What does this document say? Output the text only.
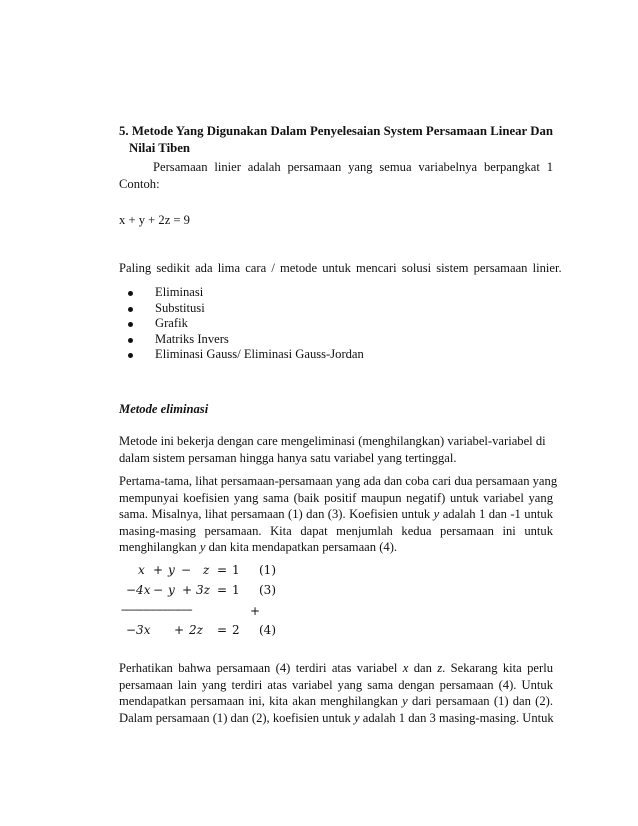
5. Metode Yang Digunakan Dalam Penyelesaian System Persamaan Linear Dan
Nilai Tiben
Persamaan linier adalah persamaan yang semua variabelnya berpangkat 1
Contoh:
x + y + 2z = 9
Paling sedikit ada lima cara / metode untuk mencari solusi sistem persamaan linier.
Eliminasi
Substitusi
Grafik
Matriks Invers
Eliminasi Gauss/ Eliminasi Gauss-Jordan
Metode eliminasi
Metode ini bekerja dengan care mengeliminasi (menghilangkan) variabel-variabel di
dalam sistem persaman hingga hanya satu variabel yang tertinggal.
Pertama-tama, lihat persamaan-persamaan yang ada dan coba cari dua persamaan yang
mempunyai koefisien yang sama (baik positif maupun negatif) untuk variabel yang
sama. Misalnya, lihat persamaan (1) dan (3). Koefisien untuk y adalah 1 dan -1 untuk
masing-masing persamaan. Kita dapat menjumlah kedua persamaan ini untuk
menghilangkan y dan kita mendapatkan persamaan (4).
x + y − z = 1 (1)
−4x − y + 3z = 1 (3)
--------------------------	+
−3x + 2z = 2 (4)
Perhatikan bahwa persamaan (4) terdiri atas variabel x dan z. Sekarang kita perlu
persamaan lain yang terdiri atas variabel yang sama dengan persamaan (4). Untuk
mendapatkan persamaan ini, kita akan menghilangkan y dari persamaan (1) dan (2).
Dalam persamaan (1) dan (2), koefisien untuk y adalah 1 dan 3 masing-masing. Untuk
